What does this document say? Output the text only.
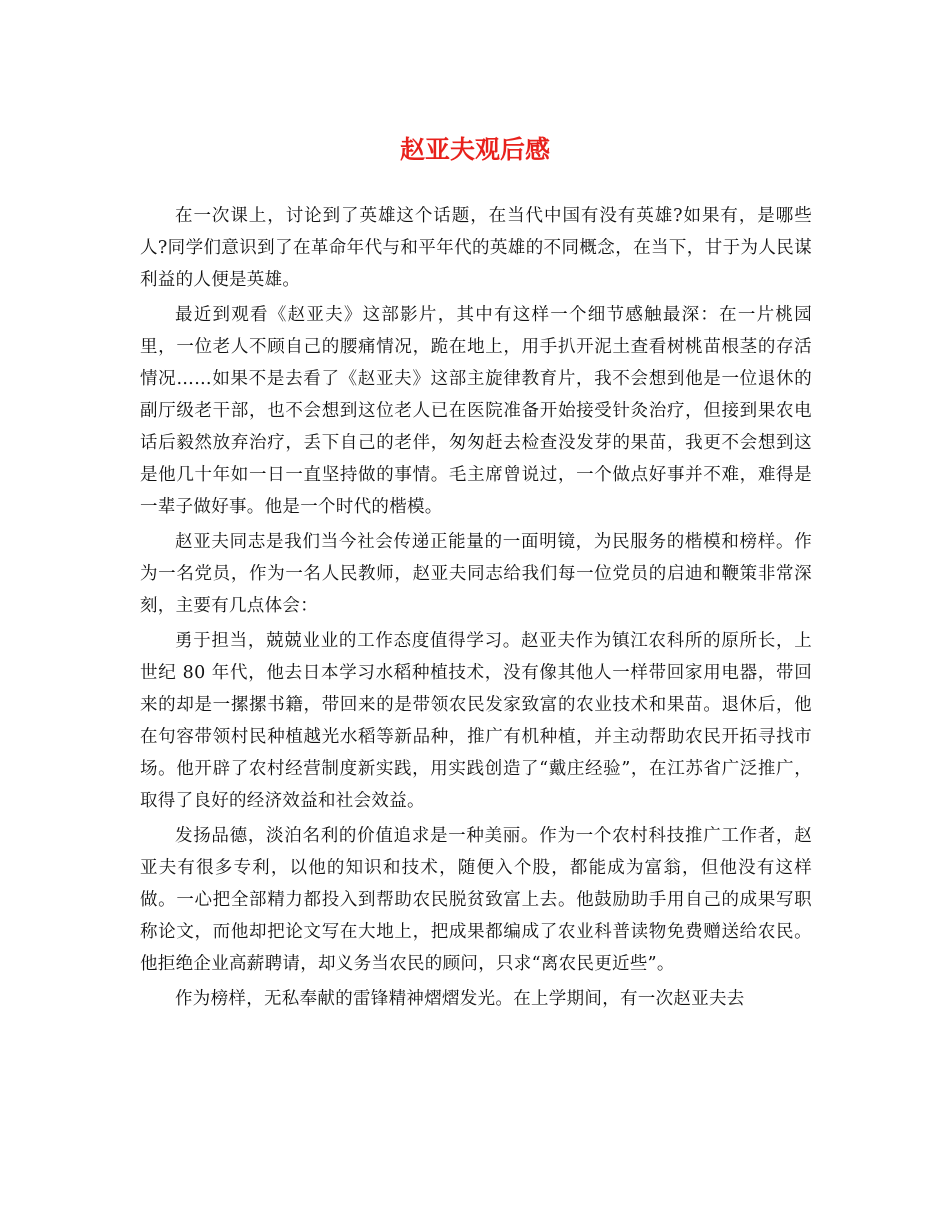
赵亚夫观后感

在一次课上，讨论到了英雄这个话题，在当代中国有没有英雄?如果有，是哪些人?同学们意识到了在革命年代与和平年代的英雄的不同概念，在当下，甘于为人民谋利益的人便是英雄。

最近到观看《赵亚夫》这部影片，其中有这样一个细节感触最深：在一片桃园里，一位老人不顾自己的腰痛情况，跪在地上，用手扒开泥土查看树桃苗根茎的存活情况……如果不是去看了《赵亚夫》这部主旋律教育片，我不会想到他是一位退休的副厅级老干部，也不会想到这位老人已在医院准备开始接受针灸治疗，但接到果农电话后毅然放弃治疗，丢下自己的老伴，匆匆赶去检查没发芽的果苗，我更不会想到这是他几十年如一日一直坚持做的事情。毛主席曾说过，一个做点好事并不难，难得是一辈子做好事。他是一个时代的楷模。

赵亚夫同志是我们当今社会传递正能量的一面明镜，为民服务的楷模和榜样。作为一名党员，作为一名人民教师，赵亚夫同志给我们每一位党员的启迪和鞭策非常深刻，主要有几点体会：

勇于担当，兢兢业业的工作态度值得学习。赵亚夫作为镇江农科所的原所长，上世纪 80 年代，他去日本学习水稻种植技术，没有像其他人一样带回家用电器，带回来的却是一摞摞书籍，带回来的是带领农民发家致富的农业技术和果苗。退休后，他在句容带领村民种植越光水稻等新品种，推广有机种植，并主动帮助农民开拓寻找市场。他开辟了农村经营制度新实践，用实践创造了“戴庄经验”，在江苏省广泛推广，取得了良好的经济效益和社会效益。

发扬品德，淡泊名利的价值追求是一种美丽。作为一个农村科技推广工作者，赵亚夫有很多专利，以他的知识和技术，随便入个股，都能成为富翁，但他没有这样做。一心把全部精力都投入到帮助农民脱贫致富上去。他鼓励助手用自己的成果写职称论文，而他却把论文写在大地上，把成果都编成了农业科普读物免费赠送给农民。他拒绝企业高薪聘请，却义务当农民的顾问，只求“离农民更近些”。

作为榜样，无私奉献的雷锋精神熠熠发光。在上学期间，有一次赵亚夫去
